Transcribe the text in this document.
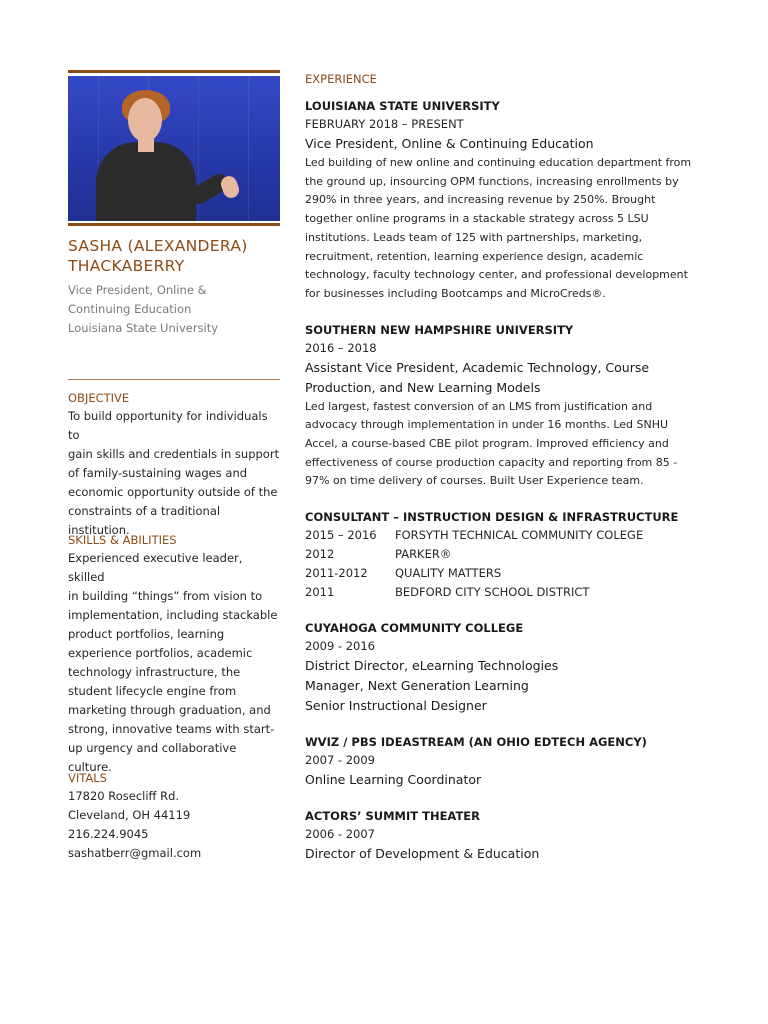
SASHA (ALEXANDERA)
THACKABERRY
Vice President, Online &
Continuing Education
Louisiana State University
OBJECTIVE
To build opportunity for individuals to
gain skills and credentials in support
of family-sustaining wages and
economic opportunity outside of the
constraints of a traditional institution.
SKILLS & ABILITIES
Experienced executive leader, skilled
in building “things” from vision to
implementation, including stackable
product portfolios, learning
experience portfolios, academic
technology infrastructure, the
student lifecycle engine from
marketing through graduation, and
strong, innovative teams with start-
up urgency and collaborative culture.
VITALS
17820 Rosecliff Rd.
Cleveland, OH 44119
216.224.9045
sashatberr@gmail.com
EXPERIENCE
LOUISIANA STATE UNIVERSITY
FEBRUARY 2018 – PRESENT
Vice President, Online & Continuing Education
Led building of new online and continuing education department from
the ground up, insourcing OPM functions, increasing enrollments by
290% in three years, and increasing revenue by 250%. Brought
together online programs in a stackable strategy across 5 LSU
institutions. Leads team of 125 with partnerships, marketing,
recruitment, retention, learning experience design, academic
technology, faculty technology center, and professional development
for businesses including Bootcamps and MicroCreds®.
SOUTHERN NEW HAMPSHIRE UNIVERSITY
2016 – 2018
Assistant Vice President, Academic Technology, Course
Production, and New Learning Models
Led largest, fastest conversion of an LMS from justification and
advocacy through implementation in under 16 months. Led SNHU
Accel, a course-based CBE pilot program. Improved efficiency and
effectiveness of course production capacity and reporting from 85 -
97% on time delivery of courses. Built User Experience team.
CONSULTANT – INSTRUCTION DESIGN & INFRASTRUCTURE
2015 – 2016	FORSYTH TECHNICAL COMMUNITY COLEGE
2012	PARKER®
2011-2012	QUALITY MATTERS
2011	BEDFORD CITY SCHOOL DISTRICT
CUYAHOGA COMMUNITY COLLEGE
2009 - 2016
District Director, eLearning Technologies
Manager, Next Generation Learning
Senior Instructional Designer
WVIZ / PBS IDEASTREAM (AN OHIO EDTECH AGENCY)
2007 - 2009
Online Learning Coordinator
ACTORS’ SUMMIT THEATER
2006 - 2007
Director of Development & Education
